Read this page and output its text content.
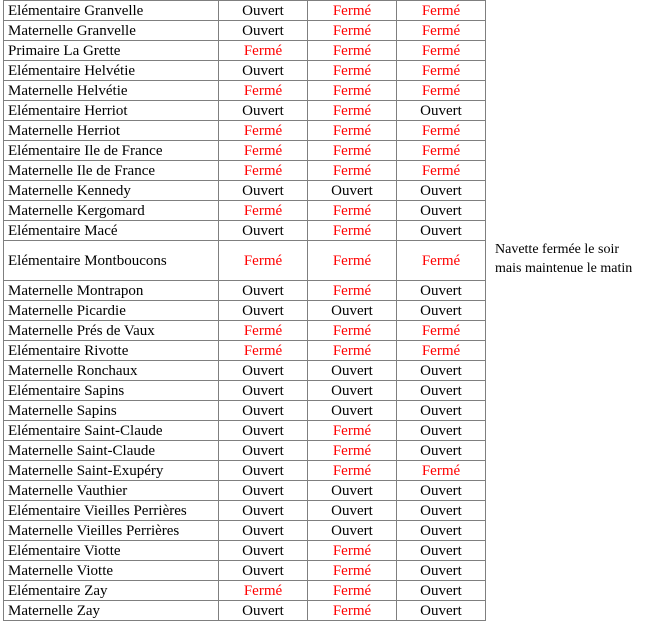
Elémentaire Granvelle	Ouvert	Fermé	Fermé
Maternelle Granvelle	Ouvert	Fermé	Fermé
Primaire La Grette	Fermé	Fermé	Fermé
Elémentaire Helvétie	Ouvert	Fermé	Fermé
Maternelle Helvétie	Fermé	Fermé	Fermé
Elémentaire Herriot	Ouvert	Fermé	Ouvert
Maternelle Herriot	Fermé	Fermé	Fermé
Elémentaire Ile de France	Fermé	Fermé	Fermé
Maternelle Ile de France	Fermé	Fermé	Fermé
Maternelle Kennedy	Ouvert	Ouvert	Ouvert
Maternelle Kergomard	Fermé	Fermé	Ouvert
Elémentaire Macé	Ouvert	Fermé	Ouvert
Elémentaire Montboucons	Fermé	Fermé	Fermé
Maternelle Montrapon	Ouvert	Fermé	Ouvert
Maternelle Picardie	Ouvert	Ouvert	Ouvert
Maternelle Prés de Vaux	Fermé	Fermé	Fermé
Elémentaire Rivotte	Fermé	Fermé	Fermé
Maternelle Ronchaux	Ouvert	Ouvert	Ouvert
Elémentaire Sapins	Ouvert	Ouvert	Ouvert
Maternelle Sapins	Ouvert	Ouvert	Ouvert
Elémentaire Saint-Claude	Ouvert	Fermé	Ouvert
Maternelle Saint-Claude	Ouvert	Fermé	Ouvert
Maternelle Saint-Exupéry	Ouvert	Fermé	Fermé
Maternelle Vauthier	Ouvert	Ouvert	Ouvert
Elémentaire Vieilles Perrières	Ouvert	Ouvert	Ouvert
Maternelle Vieilles Perrières	Ouvert	Ouvert	Ouvert
Elémentaire Viotte	Ouvert	Fermé	Ouvert
Maternelle Viotte	Ouvert	Fermé	Ouvert
Elémentaire Zay	Fermé	Fermé	Ouvert
Maternelle Zay	Ouvert	Fermé	Ouvert
Navette fermée le soir
mais maintenue le matin
